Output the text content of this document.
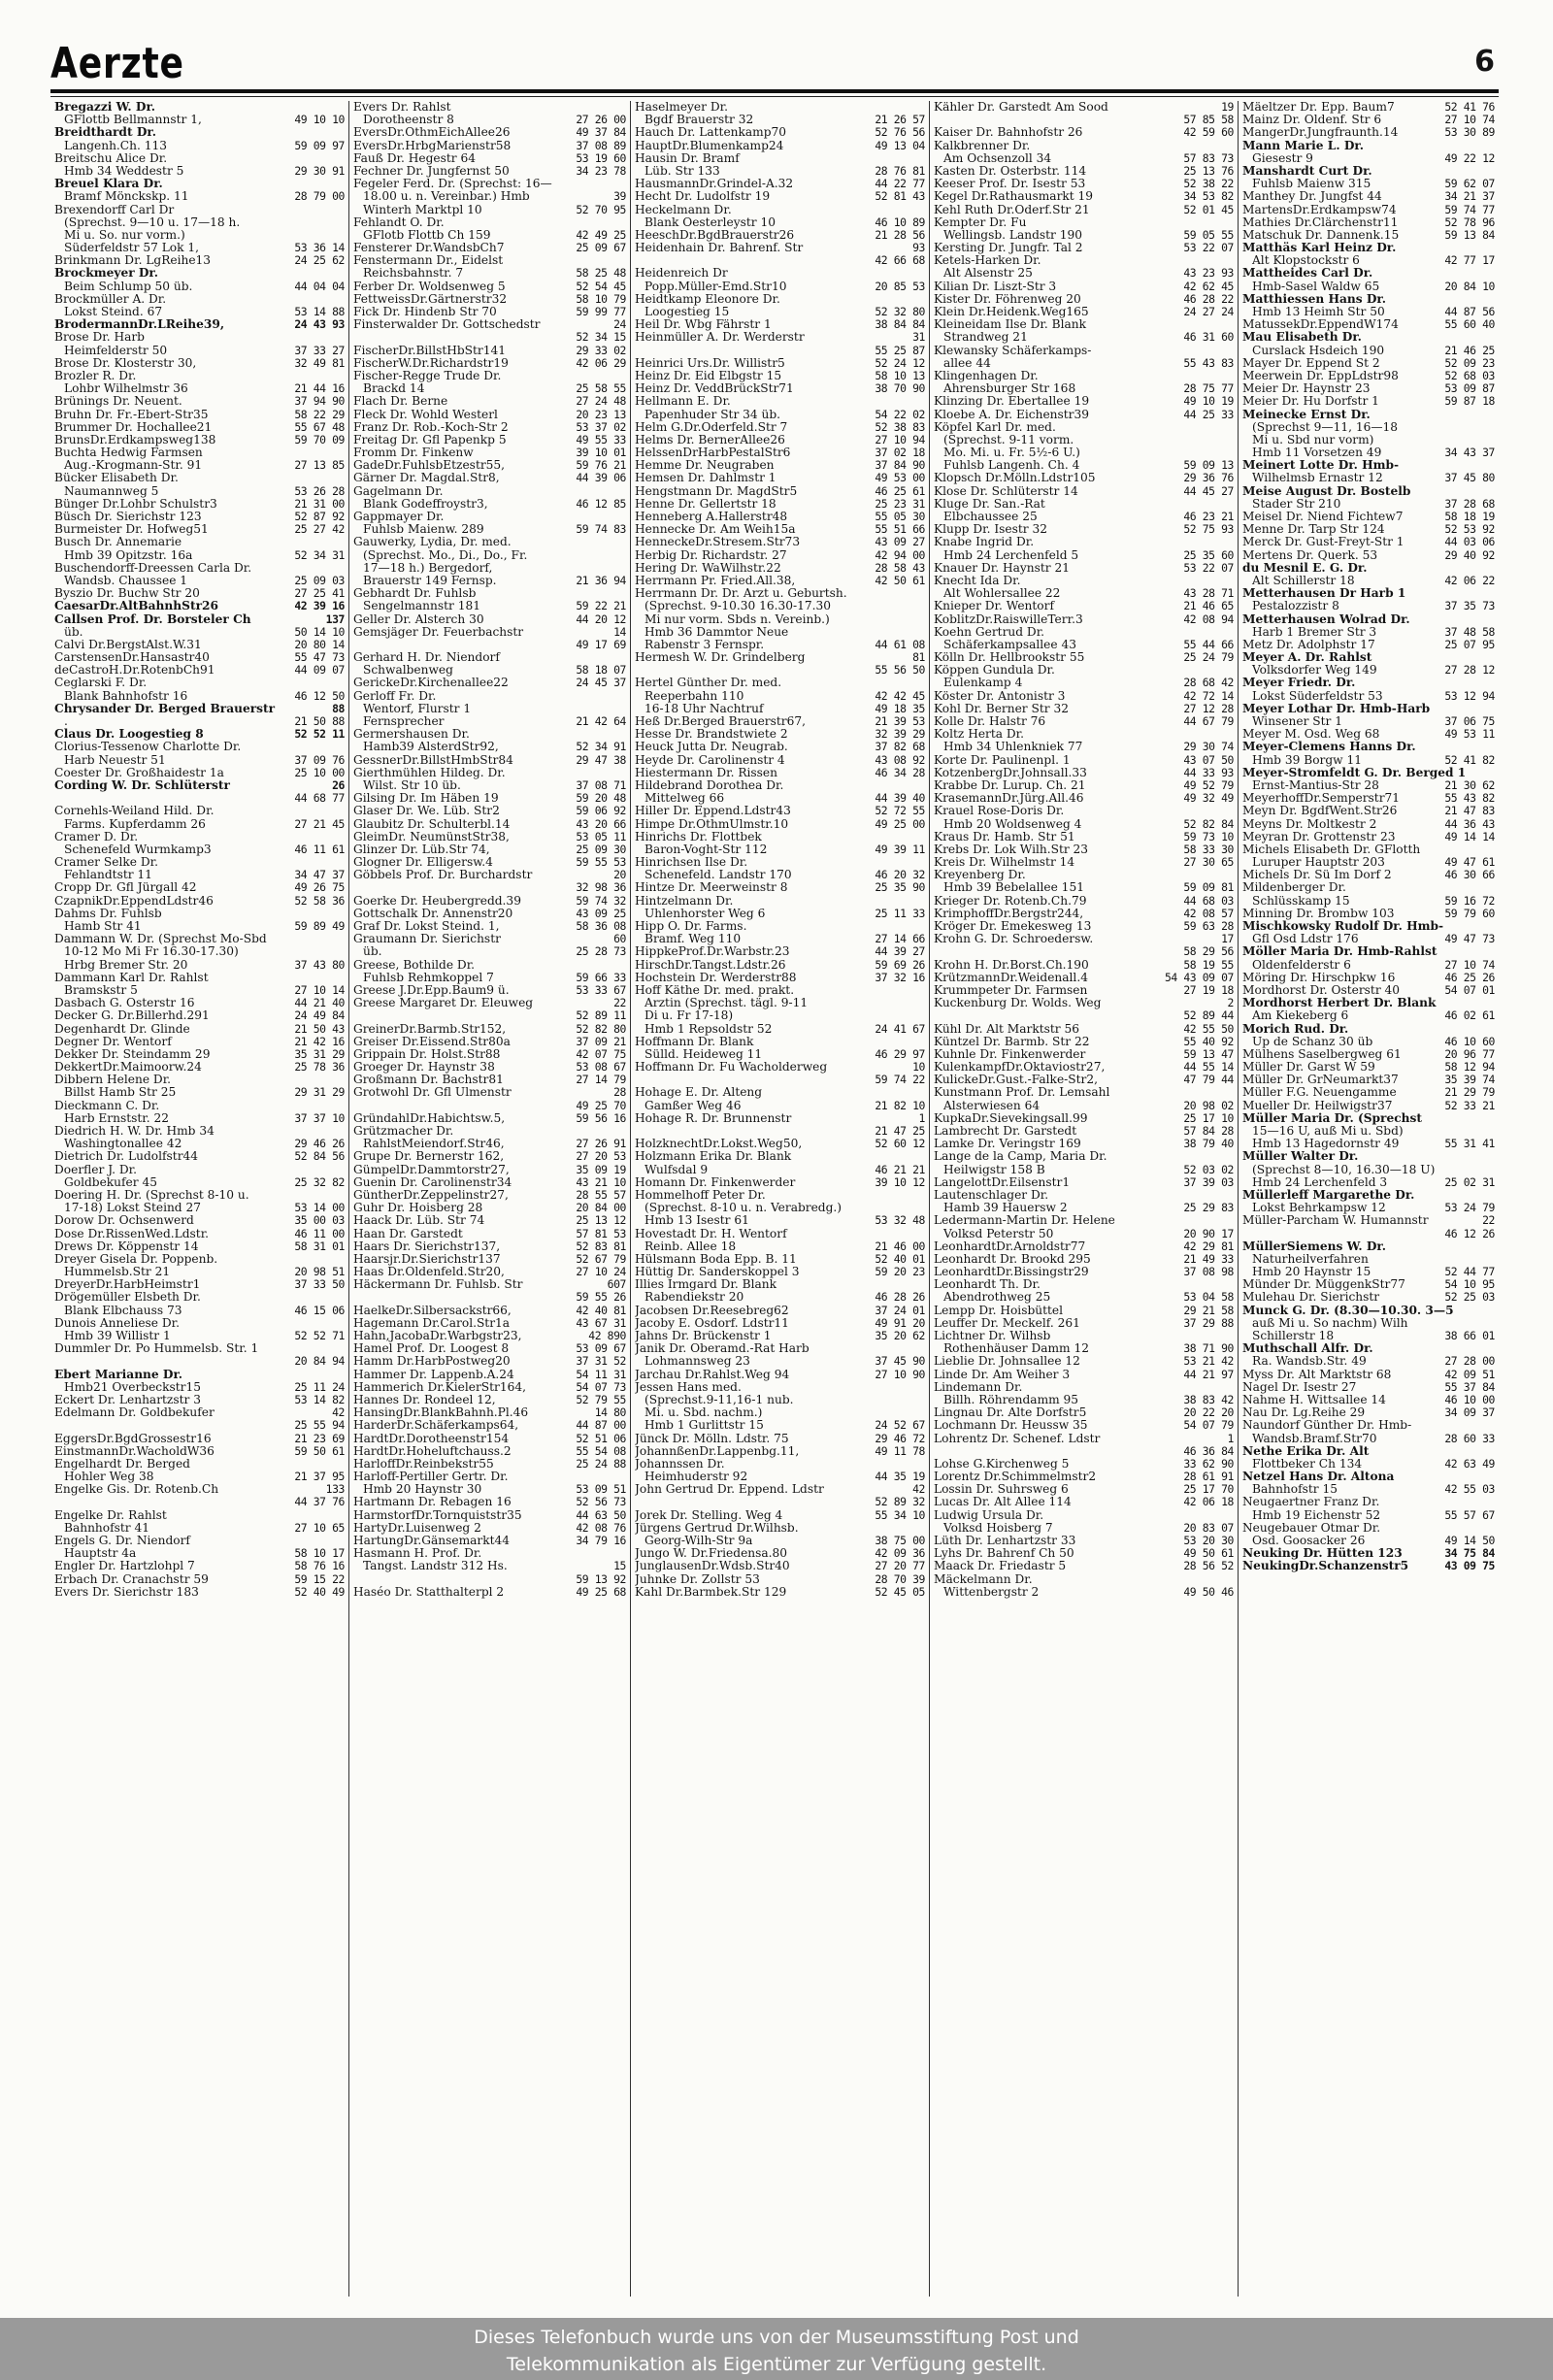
Aerzte	6
Bregazzi W. Dr.
GFlottb Bellmannstr 1,	49 10 10
Breidthardt Dr.
Langenh.Ch. 113	59 09 97
Breitschu Alice Dr.
Hmb 34 Weddestr 5	29 30 91
Breuel Klara Dr.
Bramf Mönckskp. 11	28 79 00
Brexendorff Carl Dr
(Sprechst. 9—10 u. 17—18 h.
Mi u. So. nur vorm.)
Süderfeldstr 57 Lok 1,	53 36 14
Brinkmann Dr. LgReihe13	24 25 62
Brockmeyer Dr.
Beim Schlump 50 üb.	44 04 04
Brockmüller A. Dr.
Lokst Steind. 67	53 14 88
BrodermannDr.LReihe39,	24 43 93
Brose Dr. Harb
Heimfelderstr 50	37 33 27
Brose Dr. Klosterstr 30,	32 49 81
Brozler R. Dr.
Lohbr Wilhelmstr 36	21 44 16
Brünings Dr. Neuent.	37 94 90
Bruhn Dr. Fr.-Ebert-Str35	58 22 29
Brummer Dr. Hochallee21	55 67 48
BrunsDr.Erdkampsweg138	59 70 09
Buchta Hedwig Farmsen
Aug.-Krogmann-Str. 91	27 13 85
Bücker Elisabeth Dr.
Naumannweg 5	53 26 28
Bünger Dr.Lohbr Schulstr3	21 31 00
Büsch Dr. Sierichstr 123	52 87 92
Burmeister Dr. Hofweg51	25 27 42
Busch Dr. Annemarie
Hmb 39 Opitzstr. 16a	52 34 31
Buschendorff-Dreessen Carla Dr.
Wandsb. Chaussee 1	25 09 03
Byszio Dr. Buchw Str 20	27 25 41
CaesarDr.AltBahnhStr26	42 39 16
Callsen Prof. Dr. Borsteler Ch	137
üb.	50 14 10
Calvi Dr.BergstAlst.W.31	20 80 14
CarstensenDr.Hansastr40	55 47 73
deCastroH.Dr.RotenbCh91	44 09 07
Ceglarski F. Dr.
Blank Bahnhofstr 16	46 12 50
Chrysander Dr. Berged Brauerstr	88
.	21 50 88
Claus Dr. Loogestieg 8	52 52 11
Clorius-Tessenow Charlotte Dr.
Harb Neuestr 51	37 09 76
Coester Dr. Großhaidestr 1a	25 10 00
Cording W. Dr. Schlüterstr	26
44 68 77
Cornehls-Weiland Hild. Dr.
Farms. Kupferdamm 26	27 21 45
Cramer D. Dr.
Schenefeld Wurmkamp3	46 11 61
Cramer Selke Dr.
Fehlandtstr 11	34 47 37
Cropp Dr. Gfl Jürgall 42	49 26 75
CzapnikDr.EppendLdstr46	52 58 36
Dahms Dr. Fuhlsb
Hamb Str 41	59 89 49
Dammann W. Dr. (Sprechst Mo-Sbd
10-12 Mo Mi Fr 16.30-17.30)
Hrbg Bremer Str. 20	37 43 80
Dammann Karl Dr. Rahlst
Bramskstr 5	27 10 14
Dasbach G. Osterstr 16	44 21 40
Decker G. Dr.Billerhd.291	24 49 84
Degenhardt Dr. Glinde	21 50 43
Degner Dr. Wentorf	21 42 16
Dekker Dr. Steindamm 29	35 31 29
DekkertDr.Maimoorw.24	25 78 36
Dibbern Helene Dr.
Billst Hamb Str 25	29 31 29
Dieckmann C. Dr.
Harb Ernststr. 22	37 37 10
Diedrich H. W. Dr. Hmb 34
Washingtonallee 42	29 46 26
Dietrich Dr. Ludolfstr44	52 84 56
Doerfler J. Dr.
Goldbekufer 45	25 32 82
Doering H. Dr. (Sprechst 8-10 u.
17-18) Lokst Steind 27	53 14 00
Dorow Dr. Ochsenwerd	35 00 03
Dose Dr.RissenWed.Ldstr.	46 11 00
Drews Dr. Köppenstr 14	58 31 01
Dreyer Gisela Dr. Poppenb.
Hummelsb.Str 21	20 98 51
DreyerDr.HarbHeimstr1	37 33 50
Drögemüller Elsbeth Dr.
Blank Elbchauss 73	46 15 06
Dunois Anneliese Dr.
Hmb 39 Willistr 1	52 52 71
Dummler Dr. Po Hummelsb. Str. 1
20 84 94
Ebert Marianne Dr.
Hmb21 Overbeckstr15	25 11 24
Eckert Dr. Lenhartzstr 3	53 14 82
Edelmann Dr. Goldbekufer	42
25 55 94
EggersDr.BgdGrossestr16	21 23 69
EinstmannDr.WacholdW36	59 50 61
Engelhardt Dr. Berged
Hohler Weg 38	21 37 95
Engelke Gis. Dr. Rotenb.Ch	133
44 37 76
Engelke Dr. Rahlst
Bahnhofstr 41	27 10 65
Engels G. Dr. Niendorf
Hauptstr 4a	58 10 17
Engler Dr. Hartzlohpl 7	58 76 16
Erbach Dr. Cranachstr 59	59 15 22
Evers Dr. Sierichstr 183	52 40 49
Evers Dr. Rahlst
Dorotheenstr 8	27 26 00
EversDr.OthmEichAllee26	49 37 84
EversDr.HrbgMarienstr58	37 08 89
Fauß Dr. Hegestr 64	53 19 60
Fechner Dr. Jungfernst 50	34 23 78
Fegeler Ferd. Dr. (Sprechst: 16—
18.00 u. n. Vereinbar.) Hmb	39
Winterh Marktpl 10	52 70 95
Fehlandt O. Dr.
GFlotb Flottb Ch 159	42 49 25
Fensterer Dr.WandsbCh7	25 09 67
Fenstermann Dr., Eidelst
Reichsbahnstr. 7	58 25 48
Ferber Dr. Woldsenweg 5	52 54 45
FettweissDr.Gärtnerstr32	58 10 79
Fick Dr. Hindenb Str 70	59 99 77
Finsterwalder Dr. Gottschedstr	24
52 34 15
FischerDr.BillstHbStr141	29 33 02
FischerW.Dr.Richardstr19	42 06 29
Fischer-Regge Trude Dr.
Brackd 14	25 58 55
Flach Dr. Berne	27 24 48
Fleck Dr. Wohld Westerl	20 23 13
Franz Dr. Rob.-Koch-Str 2	53 37 02
Freitag Dr. Gfl Papenkp 5	49 55 33
Fromm Dr. Finkenw	39 10 01
GadeDr.FuhlsbEtzestr55,	59 76 21
Gärner Dr. Magdal.Str8,	44 39 06
Gagelmann Dr.
Blank Godeffroystr3,	46 12 85
Gappmayer Dr.
Fuhlsb Maienw. 289	59 74 83
Gauwerky, Lydia, Dr. med.
(Sprechst. Mo., Di., Do., Fr.
17—18 h.) Bergedorf,
Brauerstr 149 Fernsp.	21 36 94
Gebhardt Dr. Fuhlsb
Sengelmannstr 181	59 22 21
Geller Dr. Alsterch 30	44 20 12
Gemsjäger Dr. Feuerbachstr	14
49 17 69
Gerhard H. Dr. Niendorf
Schwalbenweg	58 18 07
GerickeDr.Kirchenallee22	24 45 37
Gerloff Fr. Dr.
Wentorf, Flurstr 1
Fernsprecher	21 42 64
Germershausen Dr.
Hamb39 AlsterdStr92,	52 34 91
GessnerDr.BillstHmbStr84	29 47 38
Gierthmühlen Hildeg. Dr.
Wilst. Str 10 üb.	37 08 71
Gilsing Dr. Im Häben 19	59 20 48
Glaser Dr. We. Lüb. Str2	59 06 92
Glaubitz Dr. Schulterbl.14	43 20 66
GleimDr. NeumünstStr38,	53 05 11
Glinzer Dr. Lüb.Str 74,	25 09 30
Glogner Dr. Elligersw.4	59 55 53
Göbbels Prof. Dr. Burchardstr	20
32 98 36
Goerke Dr. Heubergredd.39	59 74 32
Gottschalk Dr. Annenstr20	43 09 25
Graf Dr. Lokst Steind. 1,	58 36 08
Graumann Dr. Sierichstr	60
üb.	25 28 73
Greese, Bothilde Dr.
Fuhlsb Rehmkoppel 7	59 66 33
Greese J.Dr.Epp.Baum9 ü.	53 33 67
Greese Margaret Dr. Eleuweg	22
52 89 11
GreinerDr.Barmb.Str152,	52 82 80
Greiser Dr.Eissend.Str80a	37 09 21
Grippain Dr. Holst.Str88	42 07 75
Groeger Dr. Haynstr 38	53 08 67
Großmann Dr. Bachstr81	27 14 79
Grotwohl Dr. Gfl Ulmenstr	28
49 25 70
GründahlDr.Habichtsw.5,	59 56 16
Grützmacher Dr.
RahlstMeiendorf.Str46,	27 26 91
Grupe Dr. Bernerstr 162,	27 20 53
GümpelDr.Dammtorstr27,	35 09 19
Guenin Dr. Carolinenstr34	43 21 10
GüntherDr.Zeppelinstr27,	28 55 57
Guhr Dr. Hoisberg 28	20 84 00
Haack Dr. Lüb. Str 74	25 13 12
Haan Dr. Garstedt	57 81 53
Haars Dr. Sierichstr137,	52 83 81
Haarsjr.Dr.Sierichstr137	52 67 79
Haas Dr.Oldenfeld.Str20,	27 10 24
Häckermann Dr. Fuhlsb. Str	607
59 55 26
HaelkeDr.Silbersackstr66,	42 40 81
Hagemann Dr.Carol.Str1a	43 67 31
Hahn,JacobaDr.Warbgstr23,	42 890
Hamel Prof. Dr. Loogest 8	53 09 67
Hamm Dr.HarbPostweg20	37 31 52
Hammer Dr. Lappenb.A.24	54 11 31
Hammerich Dr.KielerStr164,	54 07 73
Hannes Dr. Rondeel 12,	52 79 55
HansingDr.BlankBahnh.Pl.46	14 80
HarderDr.Schäferkamps64,	44 87 00
HardtDr.Dorotheenstr154	52 51 06
HardtDr.Hoheluftchauss.2	55 54 08
HarloffDr.Reinbekstr55	25 24 88
Harloff-Pertiller Gertr. Dr.
Hmb 20 Haynstr 30	53 09 51
Hartmann Dr. Rebagen 16	52 56 73
HarmstorfDr.Tornquiststr35	44 63 50
HartyDr.Luisenweg 2	42 08 76
HartungDr.Gänsemarkt44	34 79 16
Hasmann H. Prof. Dr.
Tangst. Landstr 312 Hs.	15
59 13 92
Haséo Dr. Statthalterpl 2	49 25 68
Haselmeyer Dr.
Bgdf Brauerstr 32	21 26 57
Hauch Dr. Lattenkamp70	52 76 56
HauptDr.Blumenkamp24	49 13 04
Hausin Dr. Bramf
Lüb. Str 133	28 76 81
HausmannDr.Grindel-A.32	44 22 77
Hecht Dr. Ludolfstr 19	52 81 43
Heckelmann Dr.
Blank Oesterleystr 10	46 10 89
HeeschDr.BgdBrauerstr26	21 28 56
Heidenhain Dr. Bahrenf. Str	93
42 66 68
Heidenreich Dr
Popp.Müller-Emd.Str10	20 85 53
Heidtkamp Eleonore Dr.
Loogestieg 15	52 32 80
Heil Dr. Wbg Fährstr 1	38 84 84
Heinmüller A. Dr. Werderstr	31
55 25 87
Heinrici Urs.Dr. Willistr5	52 24 12
Heinz Dr. Eid Elbgstr 15	58 10 13
Heinz Dr. VeddBrückStr71	38 70 90
Hellmann E. Dr.
Papenhuder Str 34 üb.	54 22 02
Helm G.Dr.Oderfeld.Str 7	52 38 83
Helms Dr. BernerAllee26	27 10 94
HelssenDrHarbPestalStr6	37 02 18
Hemme Dr. Neugraben	37 84 90
Hemsen Dr. Dahlmstr 1	49 53 00
Hengstmann Dr. MagdStr5	46 25 61
Henne Dr. Gellertstr 18	25 23 31
Henneberg A.Hallerstr48	55 05 30
Hennecke Dr. Am Weih15a	55 51 66
HenneckeDr.Stresem.Str73	43 09 27
Herbig Dr. Richardstr. 27	42 94 00
Hering Dr. WaWilhstr.22	28 58 43
Herrmann Pr. Fried.All.38,	42 50 61
Herrmann Dr. Dr. Arzt u. Geburtsh.
(Sprechst. 9-10.30 16.30-17.30
Mi nur vorm. Sbds n. Vereinb.)
Hmb 36 Dammtor Neue
Rabenstr 3 Fernspr.	44 61 08
Hermesh W. Dr. Grindelberg	81
55 56 50
Hertel Günther Dr. med.
Reeperbahn 110	42 42 45
16-18 Uhr Nachtruf	49 18 35
Heß Dr.Berged Brauerstr67,	21 39 53
Hesse Dr. Brandstwiete 2	32 39 29
Heuck Jutta Dr. Neugrab.	37 82 68
Heyde Dr. Carolinenstr 4	43 08 92
Hiestermann Dr. Rissen	46 34 28
Hildebrand Dorothea Dr.
Mittelweg 66	44 39 40
Hiller Dr. Eppend.Ldstr43	52 72 55
Himpe Dr.OthmUlmstr.10	49 25 00
Hinrichs Dr. Flottbek
Baron-Voght-Str 112	49 39 11
Hinrichsen Ilse Dr.
Schenefeld. Landstr 170	46 20 32
Hintze Dr. Meerweinstr 8	25 35 90
Hintzelmann Dr.
Uhlenhorster Weg 6	25 11 33
Hipp O. Dr. Farms.
Bramf. Weg 110	27 14 66
HippkeProf.Dr.Warbstr.23	44 39 27
HirschDr.Tangst.Ldstr.26	59 69 26
Hochstein Dr. Werderstr88	37 32 16
Hoff Käthe Dr. med. prakt.
Ärztin (Sprechst. tägl. 9-11
Di u. Fr 17-18)
Hmb 1 Repsoldstr 52	24 41 67
Hoffmann Dr. Blank
Sülld. Heideweg 11	46 29 97
Hoffmann Dr. Fu Wacholderweg	10
59 74 22
Hohage E. Dr. Alteng
Gamßer Weg 46	21 82 10
Hohage R. Dr. Brunnenstr	1
21 47 25
HolzknechtDr.Lokst.Weg50,	52 60 12
Holzmann Erika Dr. Blank
Wulfsdal 9	46 21 21
Homann Dr. Finkenwerder	39 10 12
Hommelhoff Peter Dr.
(Sprechst. 8-10 u. n. Verabredg.)
Hmb 13 Isestr 61	53 32 48
Hovestadt Dr. H. Wentorf
Reinb. Allee 18	21 46 00
Hülsmann Boda Epp. B. 11	52 40 01
Hüttig Dr. Sanderskoppel 3	59 20 23
Illies Irmgard Dr. Blank
Rabendiekstr 20	46 28 26
Jacobsen Dr.Reesebreg62	37 24 01
Jacoby E. Osdorf. Ldstr11	49 91 20
Jahns Dr. Brückenstr 1	35 20 62
Janik Dr. Oberamd.-Rat Harb
Lohmannsweg 23	37 45 90
Jarchau Dr.Rahlst.Weg 94	27 10 90
Jessen Hans med.
(Sprechst.9-11,16-1 nub.
Mi. u. Sbd. nachm.)
Hmb 1 Gurlittstr 15	24 52 67
Jünck Dr. Mölln. Ldstr. 75	29 46 72
JohannßenDr.Lappenbg.11,	49 11 78
Johannssen Dr.
Heimhuderstr 92	44 35 19
John Gertrud Dr. Eppend. Ldstr	42
52 89 32
Jorek Dr. Stelling. Weg 4	55 34 10
Jürgens Gertrud Dr.Wilhsb.
Georg-Wilh-Str 9a	38 75 00
Jungo W. Dr.Friedensa.80	42 09 36
JunglausenDr.Wdsb.Str40	27 20 77
Juhnke Dr. Zollstr 53	28 70 39
Kahl Dr.Barmbek.Str 129	52 45 05
Kähler Dr. Garstedt Am Sood	19
57 85 58
Kaiser Dr. Bahnhofstr 26	42 59 60
Kalkbrenner Dr.
Am Ochsenzoll 34	57 83 73
Kasten Dr. Osterbstr. 114	25 13 76
Keeser Prof. Dr. Isestr 53	52 38 22
Kegel Dr.Rathausmarkt 19	34 53 82
Kehl Ruth Dr.Oderf.Str 21	52 01 45
Kempter Dr. Fu
Wellingsb. Landstr 190	59 05 55
Kersting Dr. Jungfr. Tal 2	53 22 07
Ketels-Harken Dr.
Alt Alsenstr 25	43 23 93
Kilian Dr. Liszt-Str 3	42 62 45
Kister Dr. Föhrenweg 20	46 28 22
Klein Dr.Heidenk.Weg165	24 27 24
Kleineidam Ilse Dr. Blank
Strandweg 21	46 31 60
Klewansky Schäferkamps-
allee 44	55 43 83
Klingenhagen Dr.
Ahrensburger Str 168	28 75 77
Klinzing Dr. Ebertallee 19	49 10 19
Kloebe A. Dr. Eichenstr39	44 25 33
Köpfel Karl Dr. med.
(Sprechst. 9-11 vorm.
Mo. Mi. u. Fr. 5½-6 U.)
Fuhlsb Langenh. Ch. 4	59 09 13
Klopsch Dr.Mölln.Ldstr105	29 36 76
Klose Dr. Schlüterstr 14	44 45 27
Kluge Dr. San.-Rat
Elbchaussee 25	46 23 21
Klupp Dr. Isestr 32	52 75 93
Knabe Ingrid Dr.
Hmb 24 Lerchenfeld 5	25 35 60
Knauer Dr. Haynstr 21	53 22 07
Knecht Ida Dr.
Alt Wohlersallee 22	43 28 71
Knieper Dr. Wentorf	21 46 65
KoblitzDr.RaiswilleTerr.3	42 08 94
Koehn Gertrud Dr.
Schäferkampsallee 43	55 44 66
Kölln Dr. Hellbrookstr 55	25 24 79
Köppen Gundula Dr.
Eulenkamp 4	28 68 42
Köster Dr. Antonistr 3	42 72 14
Kohl Dr. Berner Str 32	27 12 28
Kolle Dr. Halstr 76	44 67 79
Koltz Herta Dr.
Hmb 34 Uhlenkniek 77	29 30 74
Korte Dr. Paulinenpl. 1	43 07 50
KotzenbergDr.Johnsall.33	44 33 93
Krabbe Dr. Lurup. Ch. 21	49 52 79
KrasemannDr.Jürg.All.46	49 32 49
Krauel Rose-Doris Dr.
Hmb 20 Woldsenweg 4	52 82 84
Kraus Dr. Hamb. Str 51	59 73 10
Krebs Dr. Lok Wilh.Str 23	58 33 30
Kreis Dr. Wilhelmstr 14	27 30 65
Kreyenberg Dr.
Hmb 39 Bebelallee 151	59 09 81
Krieger Dr. Rotenb.Ch.79	44 68 03
KrimphoffDr.Bergstr244,	42 08 57
Kröger Dr. Emekesweg 13	59 63 28
Krohn G. Dr. Schroedersw.	17
58 29 56
Krohn H. Dr.Borst.Ch.190	58 19 55
KrützmannDr.Weidenall.4	54 43 09 07
Krummpeter Dr. Farmsen	27 19 18
Kuckenburg Dr. Wolds. Weg	2
52 89 44
Kühl Dr. Alt Marktstr 56	42 55 50
Küntzel Dr. Barmb. Str 22	55 40 92
Kuhnle Dr. Finkenwerder	59 13 47
KulenkampfDr.Oktaviostr27,	44 55 14
KulickeDr.Gust.-Falke-Str2,	47 79 44
Kunstmann Prof. Dr. Lemsahl
Alsterwiesen 64	20 98 02
KupkaDr.Sievekingsall.99	25 17 10
Lambrecht Dr. Garstedt	57 84 28
Lamke Dr. Veringstr 169	38 79 40
Lange de la Camp, Maria Dr.
Heilwigstr 158 B	52 03 02
LangelottDr.Eilsenstr1	37 39 03
Lautenschlager Dr.
Hamb 39 Hauersw 2	25 29 83
Ledermann-Martin Dr. Helene
Volksd Peterstr 50	20 90 17
LeonhardtDr.Arnoldstr77	42 29 81
Leonhardt Dr. Brookd 295	21 49 33
LeonhardtDr.Bissingstr29	37 08 98
Leonhardt Th. Dr.
Abendrothweg 25	53 04 58
Lempp Dr. Hoisbüttel	29 21 58
Leuffer Dr. Meckelf. 261	37 29 88
Lichtner Dr. Wilhsb
Rothenhäuser Damm 12	38 71 90
Lieblie Dr. Johnsallee 12	53 21 42
Linde Dr. Am Weiher 3	44 21 97
Lindemann Dr.
Billh. Röhrendamm 95	38 83 42
Lingnau Dr. Alte Dorfstr5	20 22 20
Lochmann Dr. Heussw 35	54 07 79
Lohrentz Dr. Schenef. Ldstr	1
46 36 84
Lohse G.Kirchenweg 5	33 62 90
Lorentz Dr.Schimmelmstr2	28 61 91
Lossin Dr. Suhrsweg 6	25 17 70
Lucas Dr. Alt Allee 114	42 06 18
Ludwig Ursula Dr.
Volksd Hoisberg 7	20 83 07
Lüth Dr. Lenhartzstr 33	53 20 30
Lyhs Dr. Bahrenf Ch 50	49 50 61
Maack Dr. Friedastr 5	28 56 52
Mäckelmann Dr.
Wittenbergstr 2	49 50 46
Mäeltzer Dr. Epp. Baum7	52 41 76
Mainz Dr. Oldenf. Str 6	27 10 74
MangerDr.Jungfraunth.14	53 30 89
Mann Marie L. Dr.
Giesestr 9	49 22 12
Manshardt Curt Dr.
Fuhlsb Maienw 315	59 62 07
Manthey Dr. Jungfst 44	34 21 37
MartensDr.Erdkampsw74	59 74 77
Mathies Dr.Clärchenstr11	52 78 96
Matschuk Dr. Dannenk.15	59 13 84
Matthäs Karl Heinz Dr.
Alt Klopstockstr 6	42 77 17
Mattheides Carl Dr.
Hmb-Sasel Waldw 65	20 84 10
Matthiessen Hans Dr.
Hmb 13 Heimh Str 50	44 87 56
MatussekDr.EppendW174	55 60 40
Mau Elisabeth Dr.
Curslack Hsdeich 190	21 46 25
Mayer Dr. Eppend St 2	52 09 23
Meerwein Dr. EppLdstr98	52 68 03
Meier Dr. Haynstr 23	53 09 87
Meier Dr. Hu Dorfstr 1	59 87 18
Meinecke Ernst Dr.
(Sprechst 9—11, 16—18
Mi u. Sbd nur vorm)
Hmb 11 Vorsetzen 49	34 43 37
Meinert Lotte Dr. Hmb-
Wilhelmsb Ernastr 12	37 45 80
Meise August Dr. Bostelb
Stader Str 210	37 28 68
Meisel Dr. Niend Fichtew7	58 18 19
Menne Dr. Tarp Str 124	52 53 92
Merck Dr. Gust-Freyt-Str 1	44 03 06
Mertens Dr. Querk. 53	29 40 92
du Mesnil E. G. Dr.
Alt Schillerstr 18	42 06 22
Metterhausen Dr Harb 1
Pestalozzistr 8	37 35 73
Metterhausen Wolrad Dr.
Harb 1 Bremer Str 3	37 48 58
Metz Dr. Adolphstr 17	25 07 95
Meyer A. Dr. Rahlst
Volksdorfer Weg 149	27 28 12
Meyer Friedr. Dr.
Lokst Süderfeldstr 53	53 12 94
Meyer Lothar Dr. Hmb-Harb
Winsener Str 1	37 06 75
Meyer M. Osd. Weg 68	49 53 11
Meyer-Clemens Hanns Dr.
Hmb 39 Borgw 11	52 41 82
Meyer-Stromfeldt G. Dr. Berged 1
Ernst-Mantius-Str 28	21 30 62
MeyerhoffDr.Semperstr71	55 43 82
Meyn Dr. BgdfWent.Str26	21 47 83
Meyns Dr. Moltkestr 2	44 36 43
Meyran Dr. Grottenstr 23	49 14 14
Michels Elisabeth Dr. GFlotth
Luruper Hauptstr 203	49 47 61
Michels Dr. Sü Im Dorf 2	46 30 66
Mildenberger Dr.
Schlüsskamp 15	59 16 72
Minning Dr. Brombw 103	59 79 60
Mischkowsky Rudolf Dr. Hmb-
Gfl Osd Ldstr 176	49 47 73
Möller Maria Dr. Hmb-Rahlst
Oldenfelderstr 6	27 10 74
Möring Dr. Hirschpkw 16	46 25 26
Mordhorst Dr. Osterstr 40	54 07 01
Mordhorst Herbert Dr. Blank
Am Kiekeberg 6	46 02 61
Morich Rud. Dr.
Up de Schanz 30 üb	46 10 60
Mülhens Saselbergweg 61	20 96 77
Müller Dr. Garst W 59	58 12 94
Müller Dr. GrNeumarkt37	35 39 74
Müller F.G. Neuengamme	21 29 79
Mueller Dr. Heilwigstr37	52 33 21
Müller Maria Dr. (Sprechst
15—16 U, auß Mi u. Sbd)
Hmb 13 Hagedornstr 49	55 31 41
Müller Walter Dr.
(Sprechst 8—10, 16.30—18 U)
Hmb 24 Lerchenfeld 3	25 02 31
Müllerleff Margarethe Dr.
Lokst Behrkampsw 12	53 24 79
Müller-Parcham W. Humannstr	22
46 12 26
MüllerSiemens W. Dr.
Naturheilverfahren
Hmb 20 Haynstr 15	52 44 77
Münder Dr. MüggenkStr77	54 10 95
Mulehau Dr. Sierichstr	52 25 03
Munck G. Dr. (8.30—10.30. 3—5
auß Mi u. So nachm) Wilh
Schillerstr 18	38 66 01
Muthschall Alfr. Dr.
Ra. Wandsb.Str. 49	27 28 00
Myss Dr. Alt Marktstr 68	42 09 51
Nagel Dr. Isestr 27	55 37 84
Nahme H. Wittsallee 14	46 10 00
Nau Dr. Lg.Reihe 29	34 09 37
Naundorf Günther Dr. Hmb-
Wandsb.Bramf.Str70	28 60 33
Nethe Erika Dr. Alt
Flottbeker Ch 134	42 63 49
Netzel Hans Dr. Altona
Bahnhofstr 15	42 55 03
Neugaertner Franz Dr.
Hmb 19 Eichenstr 52	55 57 67
Neugebauer Otmar Dr.
Osd. Goosacker 26	49 14 50
Neuking Dr. Hütten 123	34 75 84
NeukingDr.Schanzenstr5	43 09 75
Dieses Telefonbuch wurde uns von der Museumsstiftung Post und
Telekommunikation als Eigentümer zur Verfügung gestellt.
